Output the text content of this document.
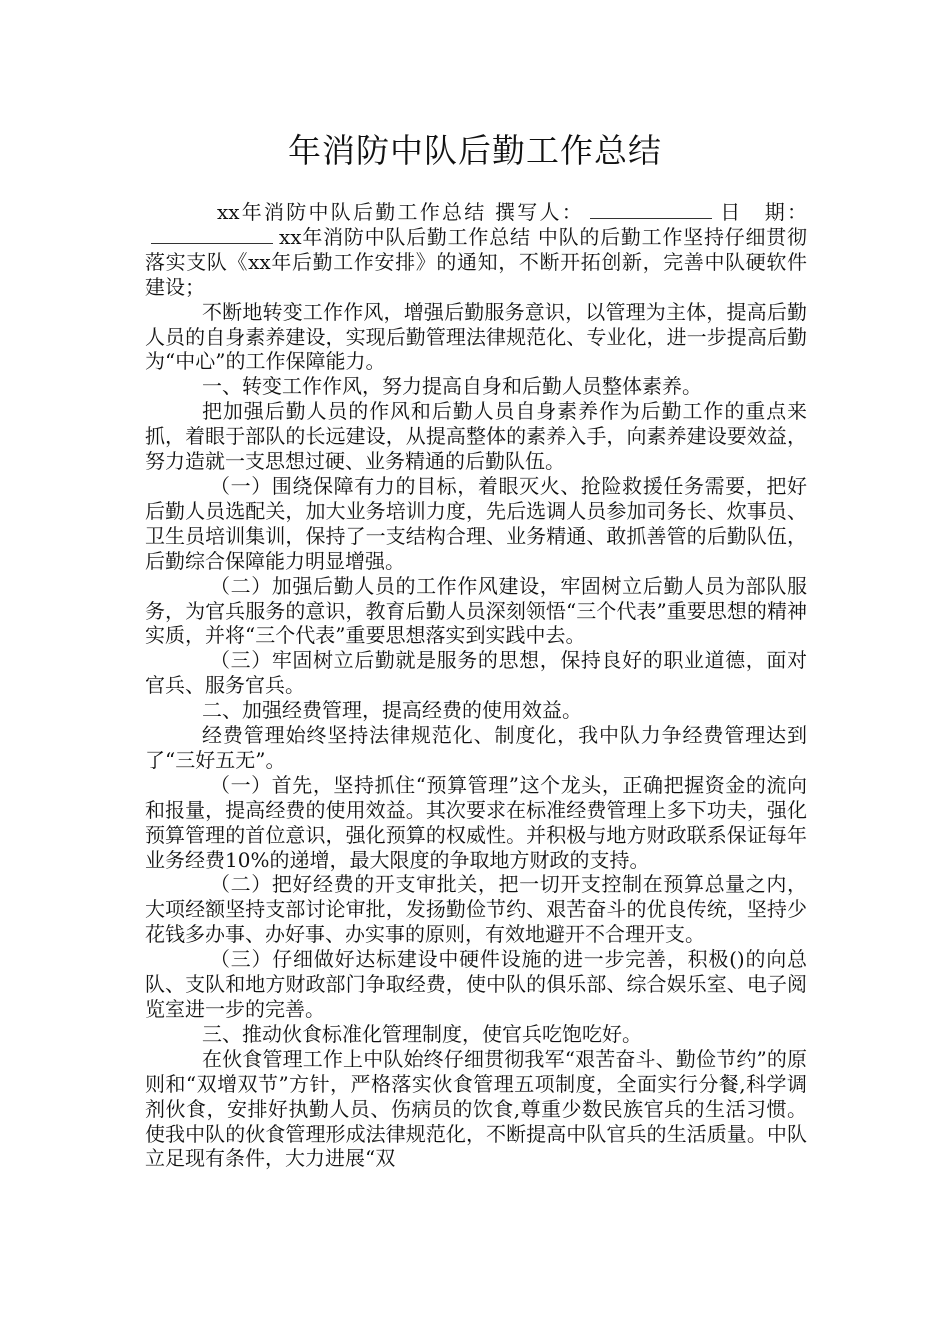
年消防中队后勤工作总结

xx年消防中队后勤工作总结 撰写人：	日　期：xx年消防中队后勤工作总结 中队的后勤工作坚持仔细贯彻落实支队《xx年后勤工作安排》的通知，不断开拓创新，完善中队硬软件建设；

不断地转变工作作风，增强后勤服务意识，以管理为主体，提高后勤人员的自身素养建设，实现后勤管理法律规范化、专业化，进一步提高后勤为“中心”的工作保障能力。

一、转变工作作风，努力提高自身和后勤人员整体素养。

把加强后勤人员的作风和后勤人员自身素养作为后勤工作的重点来抓，着眼于部队的长远建设，从提高整体的素养入手，向素养建设要效益，努力造就一支思想过硬、业务精通的后勤队伍。

（一）围绕保障有力的目标，着眼灭火、抢险救援任务需要，把好后勤人员选配关，加大业务培训力度，先后选调人员参加司务长、炊事员、卫生员培训集训，保持了一支结构合理、业务精通、敢抓善管的后勤队伍，后勤综合保障能力明显增强。

（二）加强后勤人员的工作作风建设，牢固树立后勤人员为部队服务，为官兵服务的意识，教育后勤人员深刻领悟“三个代表”重要思想的精神实质，并将“三个代表”重要思想落实到实践中去。

（三）牢固树立后勤就是服务的思想，保持良好的职业道德，面对官兵、服务官兵。

二、加强经费管理，提高经费的使用效益。

经费管理始终坚持法律规范化、制度化，我中队力争经费管理达到了“三好五无”。

（一）首先，坚持抓住“预算管理”这个龙头，正确把握资金的流向和报量，提高经费的使用效益。其次要求在标准经费管理上多下功夫，强化预算管理的首位意识，强化预算的权威性。并积极与地方财政联系保证每年业务经费10%的递增，最大限度的争取地方财政的支持。

（二）把好经费的开支审批关，把一切开支控制在预算总量之内，大项经额坚持支部讨论审批，发扬勤俭节约、艰苦奋斗的优良传统，坚持少花钱多办事、办好事、办实事的原则，有效地避开不合理开支。

（三）仔细做好达标建设中硬件设施的进一步完善，积极()的向总队、支队和地方财政部门争取经费，使中队的俱乐部、综合娱乐室、电子阅览室进一步的完善。

三、推动伙食标准化管理制度，使官兵吃饱吃好。

在伙食管理工作上中队始终仔细贯彻我军“艰苦奋斗、勤俭节约”的原则和“双增双节”方针，严格落实伙食管理五项制度，全面实行分餐,科学调剂伙食，安排好执勤人员、伤病员的饮食,尊重少数民族官兵的生活习惯。使我中队的伙食管理形成法律规范化，不断提高中队官兵的生活质量。中队立足现有条件，大力进展“双
